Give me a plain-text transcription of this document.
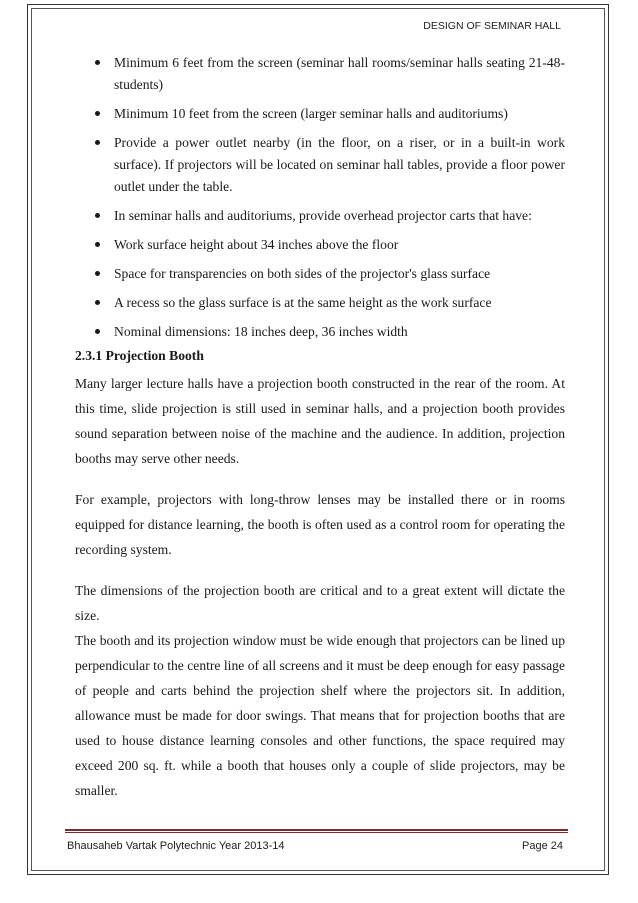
DESIGN OF SEMINAR HALL
Minimum 6 feet from the screen (seminar hall rooms/seminar halls seating 21-48-students)
Minimum 10 feet from the screen (larger seminar halls and auditoriums)
Provide a power outlet nearby (in the floor, on a riser, or in a built-in work surface). If projectors will be located on seminar hall tables, provide a floor power outlet under the table.
In seminar halls and auditoriums, provide overhead projector carts that have:
Work surface height about 34 inches above the floor
Space for transparencies on both sides of the projector's glass surface
A recess so the glass surface is at the same height as the work surface
Nominal dimensions: 18 inches deep, 36 inches width

2.3.1 Projection Booth

Many larger lecture halls have a projection booth constructed in the rear of the room. At this time, slide projection is still used in seminar halls, and a projection booth provides sound separation between noise of the machine and the audience. In addition, projection booths may serve other needs.

For example, projectors with long-throw lenses may be installed there or in rooms equipped for distance learning, the booth is often used as a control room for operating the recording system.

The dimensions of the projection booth are critical and to a great extent will dictate the size.

The booth and its projection window must be wide enough that projectors can be lined up perpendicular to the centre line of all screens and it must be deep enough for easy passage of people and carts behind the projection shelf where the projectors sit. In addition, allowance must be made for door swings. That means that for projection booths that are used to house distance learning consoles and other functions, the space required may exceed 200 sq. ft. while a booth that houses only a couple of slide projectors, may be smaller.

Bhausaheb Vartak Polytechnic Year 2013-14	Page 24
